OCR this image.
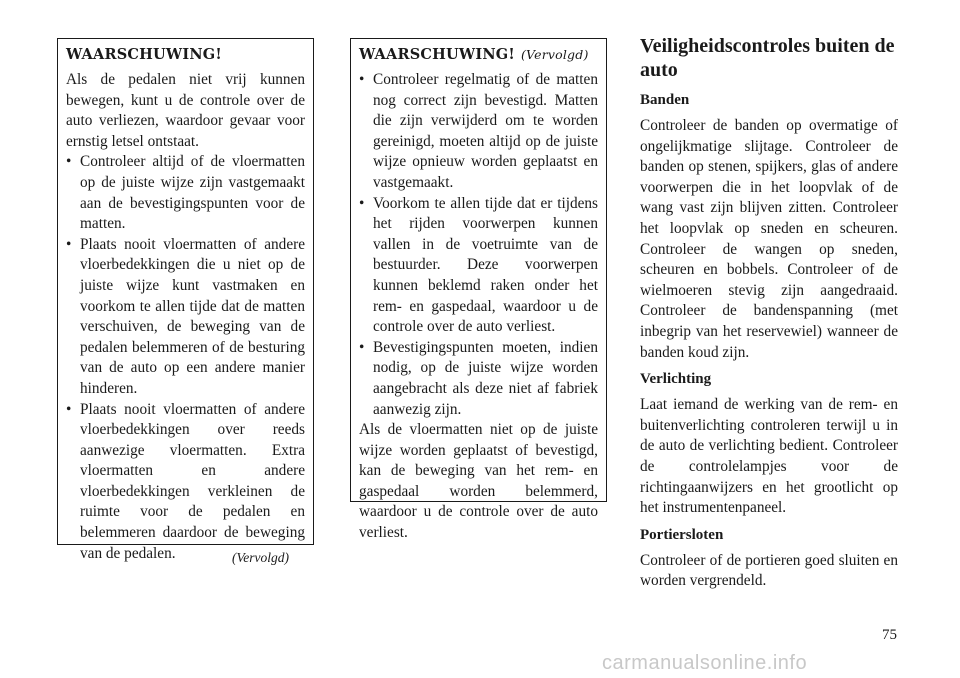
WAARSCHUWING!

Als de pedalen niet vrij kunnen bewegen, kunt u de controle over de auto verliezen, waardoor gevaar voor ernstig letsel ontstaat.

• Controleer altijd of de vloermatten op de juiste wijze zijn vastgemaakt aan de bevestigingspunten voor de matten.

• Plaats nooit vloermatten of andere vloerbedekkingen die u niet op de juiste wijze kunt vastmaken en voorkom te allen tijde dat de matten verschuiven, de beweging van de pedalen belemmeren of de besturing van de auto op een andere manier hinderen.

• Plaats nooit vloermatten of andere vloerbedekkingen over reeds aanwezige vloermatten. Extra vloermatten en andere vloerbedekkingen verkleinen de ruimte voor de pedalen en belemmeren daardoor de beweging van de pedalen.	(Vervolgd)

WAARSCHUWING! (Vervolgd)

• Controleer regelmatig of de matten nog correct zijn bevestigd. Matten die zijn verwijderd om te worden gereinigd, moeten altijd op de juiste wijze opnieuw worden geplaatst en vastgemaakt.

• Voorkom te allen tijde dat er tijdens het rijden voorwerpen kunnen vallen in de voetruimte van de bestuurder. Deze voorwerpen kunnen beklemd raken onder het rem- en gaspedaal, waardoor u de controle over de auto verliest.

• Bevestigingspunten moeten, indien nodig, op de juiste wijze worden aangebracht als deze niet af fabriek aanwezig zijn.

Als de vloermatten niet op de juiste wijze worden geplaatst of bevestigd, kan de beweging van het rem- en gaspedaal worden belemmerd, waardoor u de controle over de auto verliest.

Veiligheidscontroles buiten de auto

Banden

Controleer de banden op overmatige of ongelijkmatige slijtage. Controleer de banden op stenen, spijkers, glas of andere voorwerpen die in het loopvlak of de wang vast zijn blijven zitten. Controleer het loopvlak op sneden en scheuren. Controleer de wangen op sneden, scheuren en bobbels. Controleer of de wielmoeren stevig zijn aangedraaid. Controleer de bandenspanning (met inbegrip van het reservewiel) wanneer de banden koud zijn.

Verlichting

Laat iemand de werking van de rem- en buitenverlichting controleren terwijl u in de auto de verlichting bedient. Controleer de controlelampjes voor de richtingaanwijzers en het grootlicht op het instrumentenpaneel.

Portiersloten

Controleer of de portieren goed sluiten en worden vergrendeld.

75
carmanualsonline.info
